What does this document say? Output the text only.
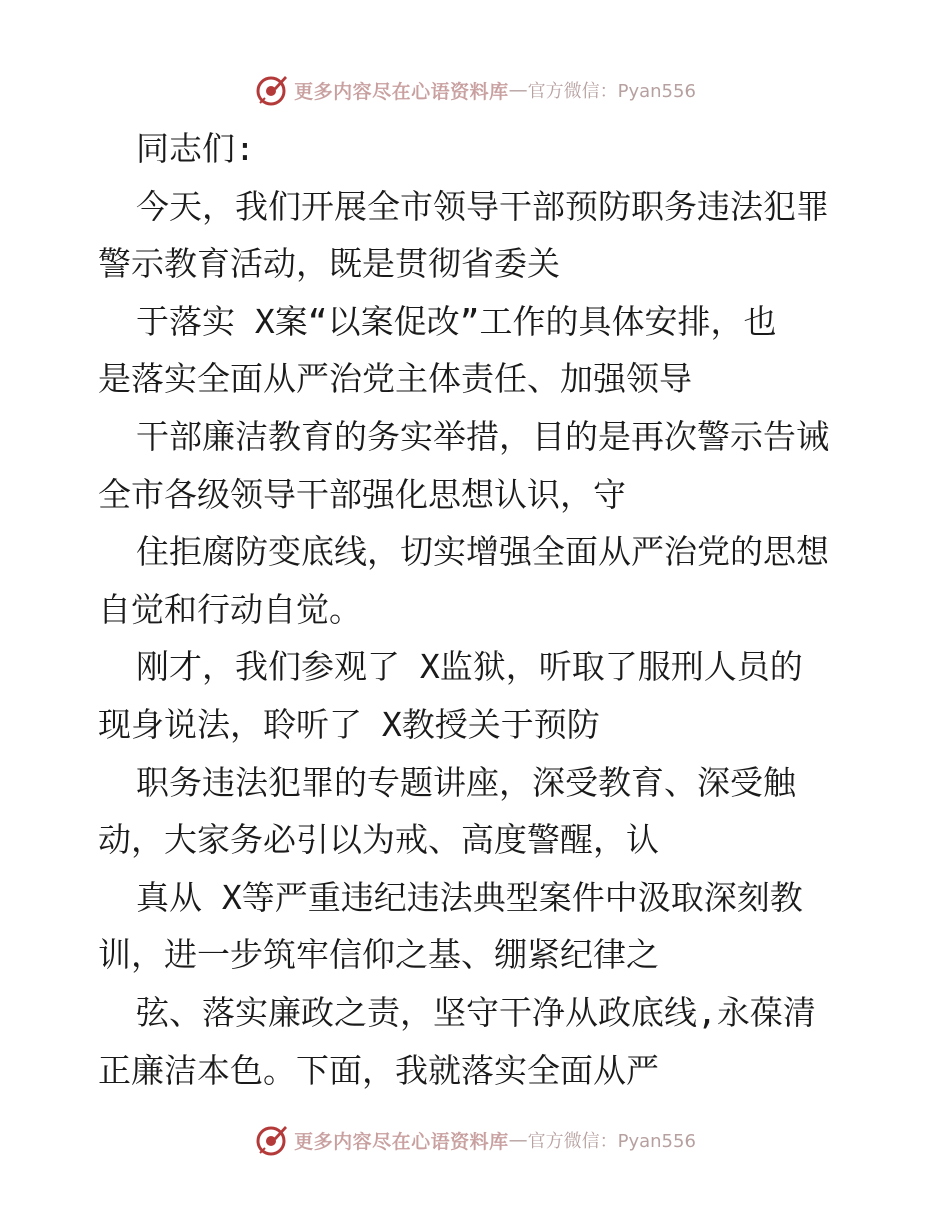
更多内容尽在心语资料库 — 官方微信：Pyan556
同志们:
今天，我们开展全市领导干部预防职务违法犯罪
警示教育活动，既是贯彻省委关
于落实 X案“以案促改”工作的具体安排，也
是落实全面从严治党主体责任、加强领导
干部廉洁教育的务实举措，目的是再次警示告诫
全市各级领导干部强化思想认识，守
住拒腐防变底线，切实增强全面从严治党的思想
自觉和行动自觉。
刚才，我们参观了 X监狱，听取了服刑人员的
现身说法，聆听了 X教授关于预防
职务违法犯罪的专题讲座，深受教育、深受触
动，大家务必引以为戒、高度警醒，认
真从 X等严重违纪违法典型案件中汲取深刻教
训，进一步筑牢信仰之基、绷紧纪律之
弦、落实廉政之责，坚守干净从政底线,永葆清
正廉洁本色。下面，我就落实全面从严
更多内容尽在心语资料库 — 官方微信：Pyan556
